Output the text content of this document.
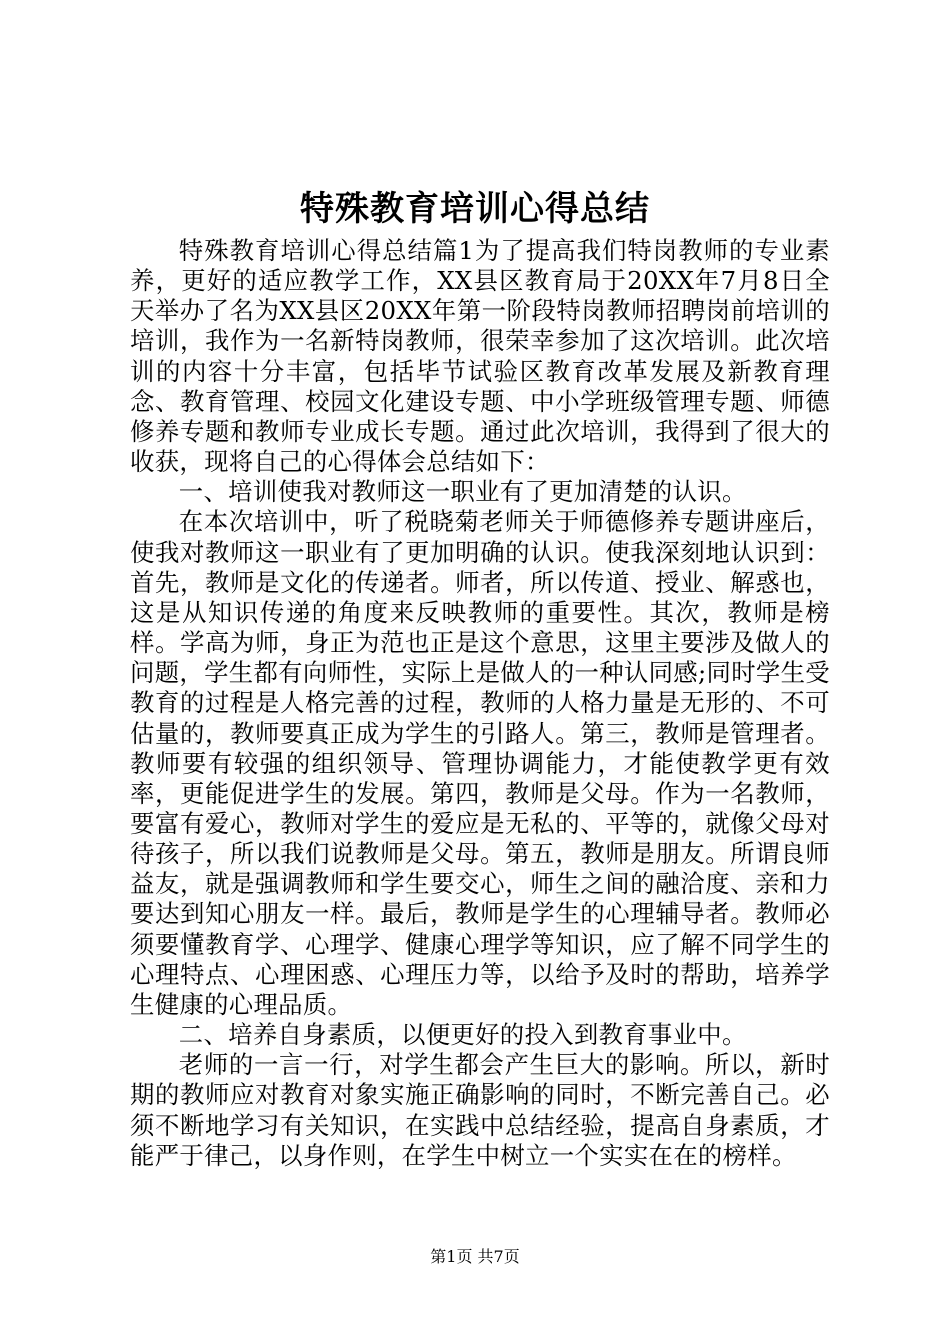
特殊教育培训心得总结

特殊教育培训心得总结篇1为了提高我们特岗教师的专业素养，更好的适应教学工作，XX县区教育局于20XX年7月8日全天举办了名为XX县区20XX年第一阶段特岗教师招聘岗前培训的培训，我作为一名新特岗教师，很荣幸参加了这次培训。此次培训的内容十分丰富，包括毕节试验区教育改革发展及新教育理念、教育管理、校园文化建设专题、中小学班级管理专题、师德修养专题和教师专业成长专题。通过此次培训，我得到了很大的收获，现将自己的心得体会总结如下：

一、培训使我对教师这一职业有了更加清楚的认识。

在本次培训中，听了税晓菊老师关于师德修养专题讲座后，使我对教师这一职业有了更加明确的认识。使我深刻地认识到：首先，教师是文化的传递者。师者，所以传道、授业、解惑也，这是从知识传递的角度来反映教师的重要性。其次，教师是榜样。学高为师，身正为范也正是这个意思，这里主要涉及做人的问题，学生都有向师性，实际上是做人的一种认同感;同时学生受教育的过程是人格完善的过程，教师的人格力量是无形的、不可估量的，教师要真正成为学生的引路人。第三，教师是管理者。教师要有较强的组织领导、管理协调能力，才能使教学更有效率，更能促进学生的发展。第四，教师是父母。作为一名教师，要富有爱心，教师对学生的爱应是无私的、平等的，就像父母对待孩子，所以我们说教师是父母。第五，教师是朋友。所谓良师益友，就是强调教师和学生要交心，师生之间的融洽度、亲和力要达到知心朋友一样。最后，教师是学生的心理辅导者。教师必须要懂教育学、心理学、健康心理学等知识，应了解不同学生的心理特点、心理困惑、心理压力等，以给予及时的帮助，培养学生健康的心理品质。

二、培养自身素质，以便更好的投入到教育事业中。

老师的一言一行，对学生都会产生巨大的影响。所以，新时期的教师应对教育对象实施正确影响的同时，不断完善自己。必须不断地学习有关知识，在实践中总结经验，提高自身素质，才能严于律己，以身作则，在学生中树立一个实实在在的榜样。

第1页 共7页
